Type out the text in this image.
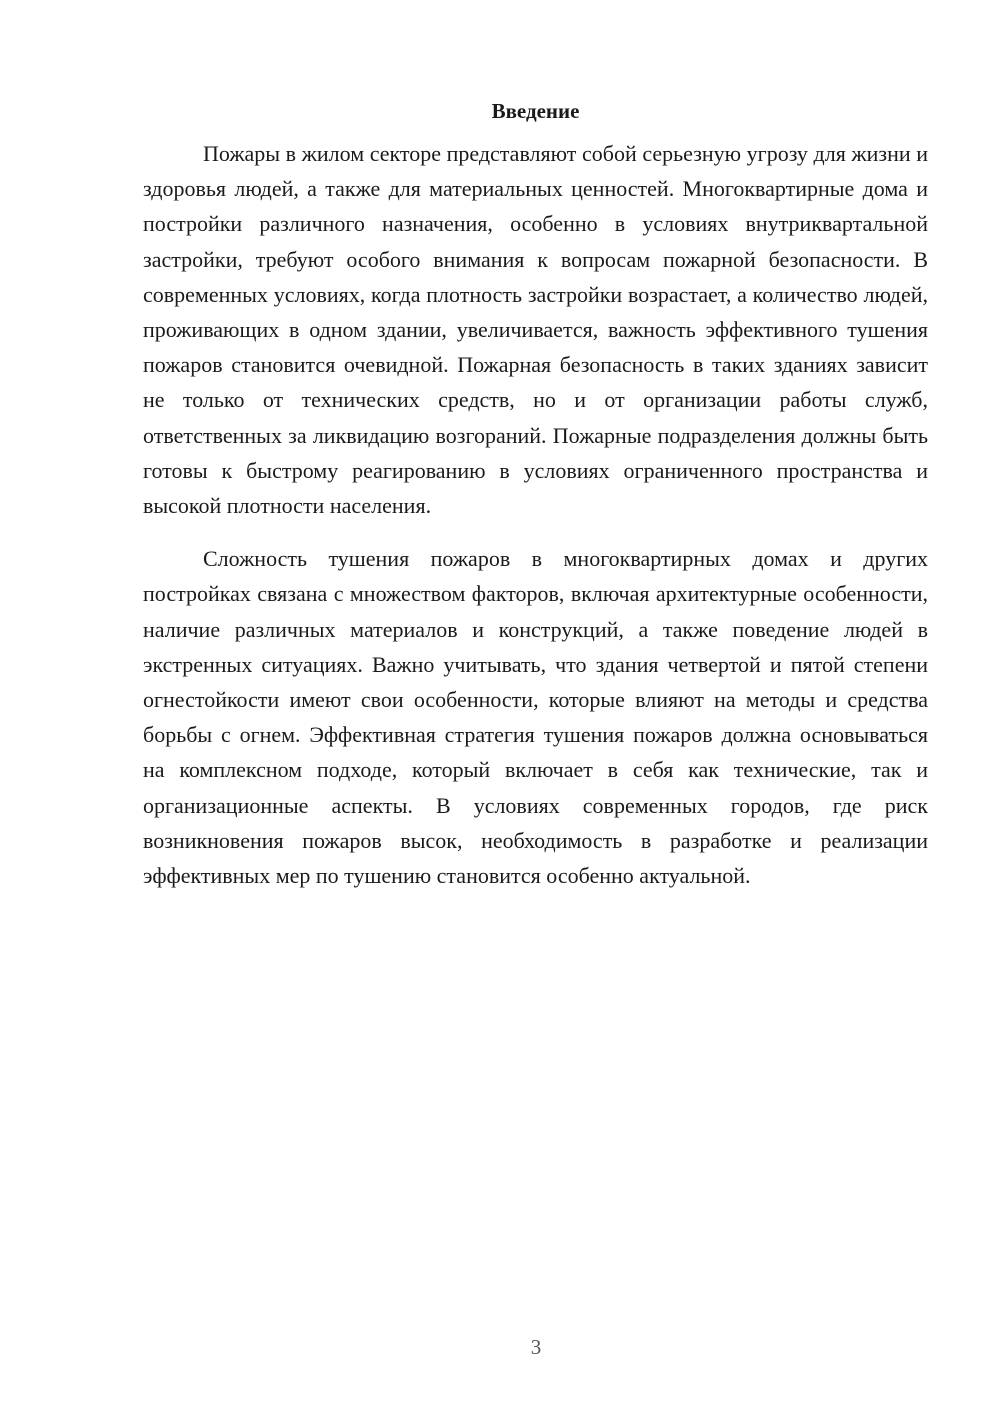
Введение

Пожары в жилом секторе представляют собой серьезную угрозу для жизни и здоровья людей, а также для материальных ценностей. Многоквартирные дома и постройки различного назначения, особенно в условиях внутриквартальной застройки, требуют особого внимания к вопросам пожарной безопасности. В современных условиях, когда плотность застройки возрастает, а количество людей, проживающих в одном здании, увеличивается, важность эффективного тушения пожаров становится очевидной. Пожарная безопасность в таких зданиях зависит не только от технических средств, но и от организации работы служб, ответственных за ликвидацию возгораний. Пожарные подразделения должны быть готовы к быстрому реагированию в условиях ограниченного пространства и высокой плотности населения.

Сложность тушения пожаров в многоквартирных домах и других постройках связана с множеством факторов, включая архитектурные особенности, наличие различных материалов и конструкций, а также поведение людей в экстренных ситуациях. Важно учитывать, что здания четвертой и пятой степени огнестойкости имеют свои особенности, которые влияют на методы и средства борьбы с огнем. Эффективная стратегия тушения пожаров должна основываться на комплексном подходе, который включает в себя как технические, так и организационные аспекты. В условиях современных городов, где риск возникновения пожаров высок, необходимость в разработке и реализации эффективных мер по тушению становится особенно актуальной.

3
